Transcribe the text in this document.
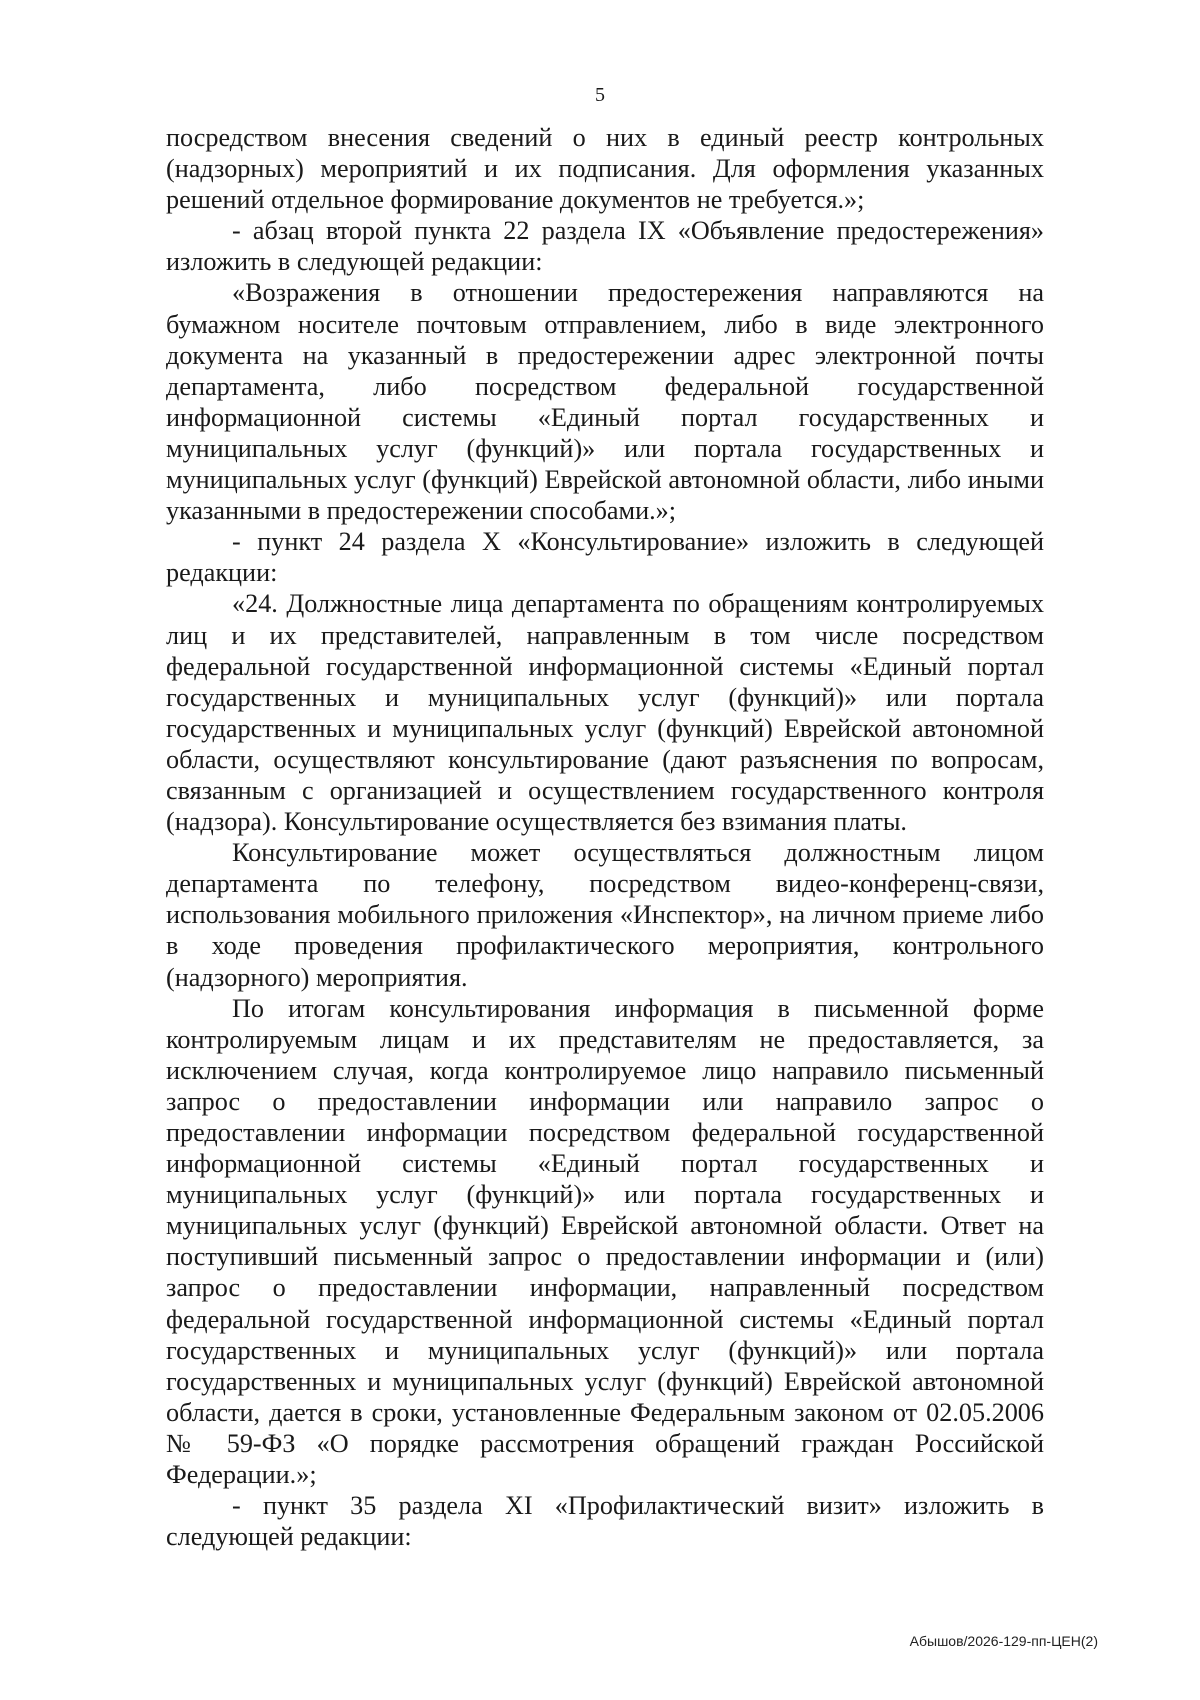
5

посредством внесения сведений о них в единый реестр контрольных (надзорных) мероприятий и их подписания. Для оформления указанных решений отдельное формирование документов не требуется.»;

- абзац второй пункта 22 раздела IX «Объявление предостережения» изложить в следующей редакции:

«Возражения в отношении предостережения направляются на бумажном носителе почтовым отправлением, либо в виде электронного документа на указанный в предостережении адрес электронной почты департамента, либо посредством федеральной государственной информационной системы «Единый портал государственных и муниципальных услуг (функций)» или портала государственных и муниципальных услуг (функций) Еврейской автономной области, либо иными указанными в предостережении способами.»;

- пункт 24 раздела X «Консультирование» изложить в следующей редакции:

«24. Должностные лица департамента по обращениям контролируемых лиц и их представителей, направленным в том числе посредством федеральной государственной информационной системы «Единый портал государственных и муниципальных услуг (функций)» или портала государственных и муниципальных услуг (функций) Еврейской автономной области, осуществляют консультирование (дают разъяснения по вопросам, связанным с организацией и осуществлением государственного контроля (надзора). Консультирование осуществляется без взимания платы.

Консультирование может осуществляться должностным лицом департамента по телефону, посредством видео-конференц-связи, использования мобильного приложения «Инспектор», на личном приеме либо в ходе проведения профилактического мероприятия, контрольного (надзорного) мероприятия.

По итогам консультирования информация в письменной форме контролируемым лицам и их представителям не предоставляется, за исключением случая, когда контролируемое лицо направило письменный запрос о предоставлении информации или направило запрос о предоставлении информации посредством федеральной государственной информационной системы «Единый портал государственных и муниципальных услуг (функций)» или портала государственных и муниципальных услуг (функций) Еврейской автономной области. Ответ на поступивший письменный запрос о предоставлении информации и (или) запрос о предоставлении информации, направленный посредством федеральной государственной информационной системы «Единый портал государственных и муниципальных услуг (функций)» или портала государственных и муниципальных услуг (функций) Еврейской автономной области, дается в сроки, установленные Федеральным законом от 02.05.2006 № 59-ФЗ «О порядке рассмотрения обращений граждан Российской Федерации.»;

- пункт 35 раздела XI «Профилактический визит» изложить в следующей редакции:

Абышов/2026-129-пп-ЦЕН(2)
